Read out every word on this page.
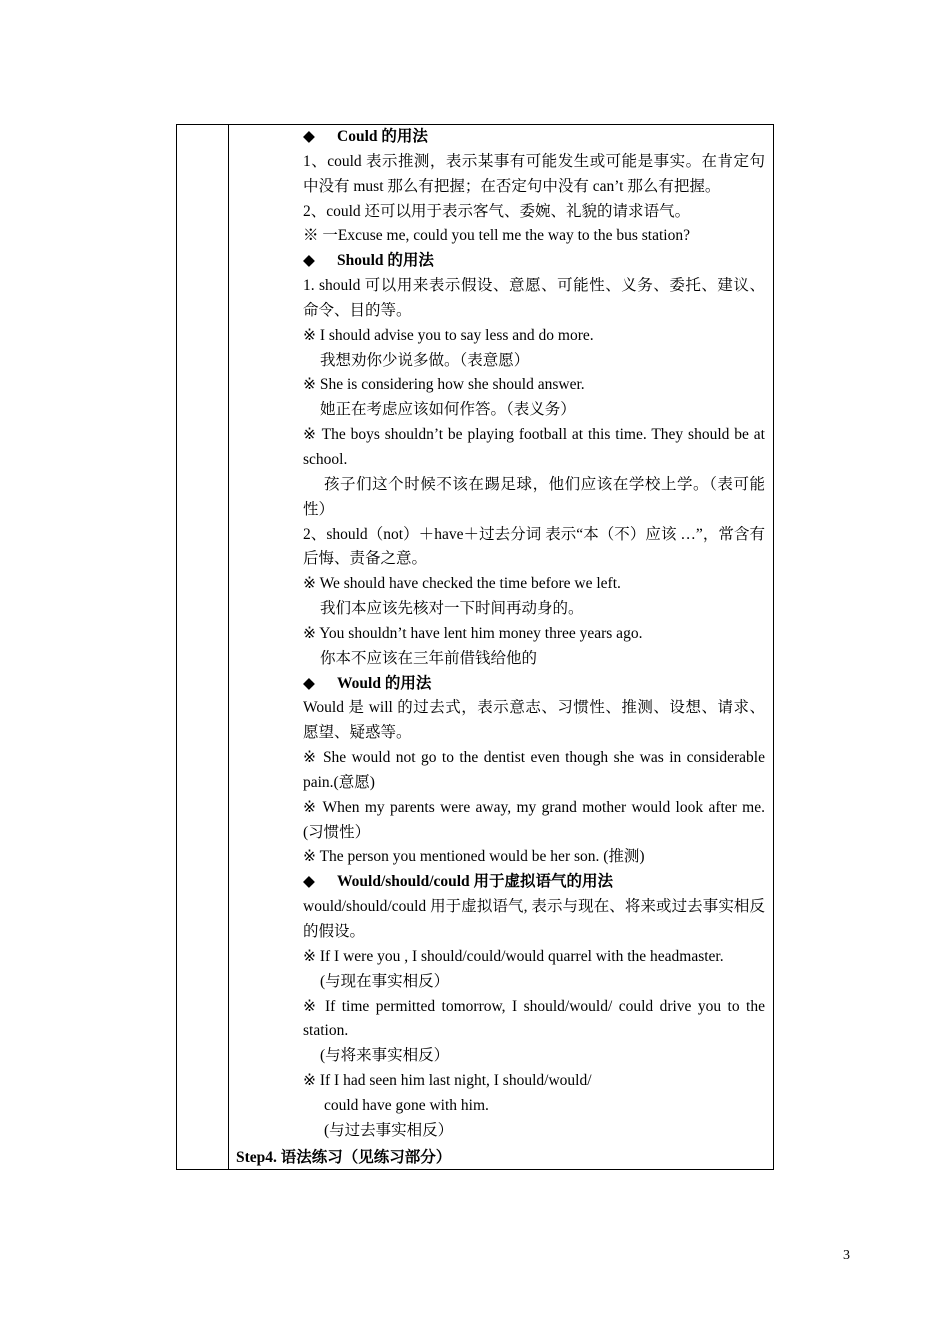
◆ Could 的用法

1、could 表示推测，表示某事有可能发生或可能是事实。在肯定句中没有 must 那么有把握；在否定句中没有 can’t 那么有把握。

2、could 还可以用于表示客气、委婉、礼貌的请求语气。

※ 一Excuse me, could you tell me the way to the bus station?

◆ Should 的用法

1. should 可以用来表示假设、意愿、可能性、义务、委托、建议、命令、目的等。

※ I should advise you to say less and do more.

我想劝你少说多做。（表意愿）

※ She is considering how she should answer.

她正在考虑应该如何作答。（表义务）

※ The boys shouldn’t be playing football at this time. They should be at school.

孩子们这个时候不该在踢足球，他们应该在学校上学。（表可能性）

2、should（not）＋have＋过去分词 表示“本（不）应该 …”，常含有后悔、责备之意。

※ We should have checked the time before we left.

我们本应该先核对一下时间再动身的。

※ You shouldn’t have lent him money three years ago.

你本不应该在三年前借钱给他的

◆ Would 的用法

Would 是 will 的过去式，表示意志、习惯性、推测、设想、请求、愿望、疑惑等。

※ She would not go to the dentist even though she was in considerable pain.(意愿)

※ When my parents were away, my grand mother would look after me. (习惯性）

※ The person you mentioned would be her son. (推测)

◆ Would/should/could 用于虚拟语气的用法

would/should/could 用于虚拟语气, 表示与现在、将来或过去事实相反的假设。

※ If I were you , I should/could/would quarrel with the headmaster.

(与现在事实相反）

※ If time permitted tomorrow, I should/would/ could drive you to the station.

(与将来事实相反）

※ If I had seen him last night, I should/would/

could have gone with him.

(与过去事实相反）

Step4. 语法练习（见练习部分）
3
